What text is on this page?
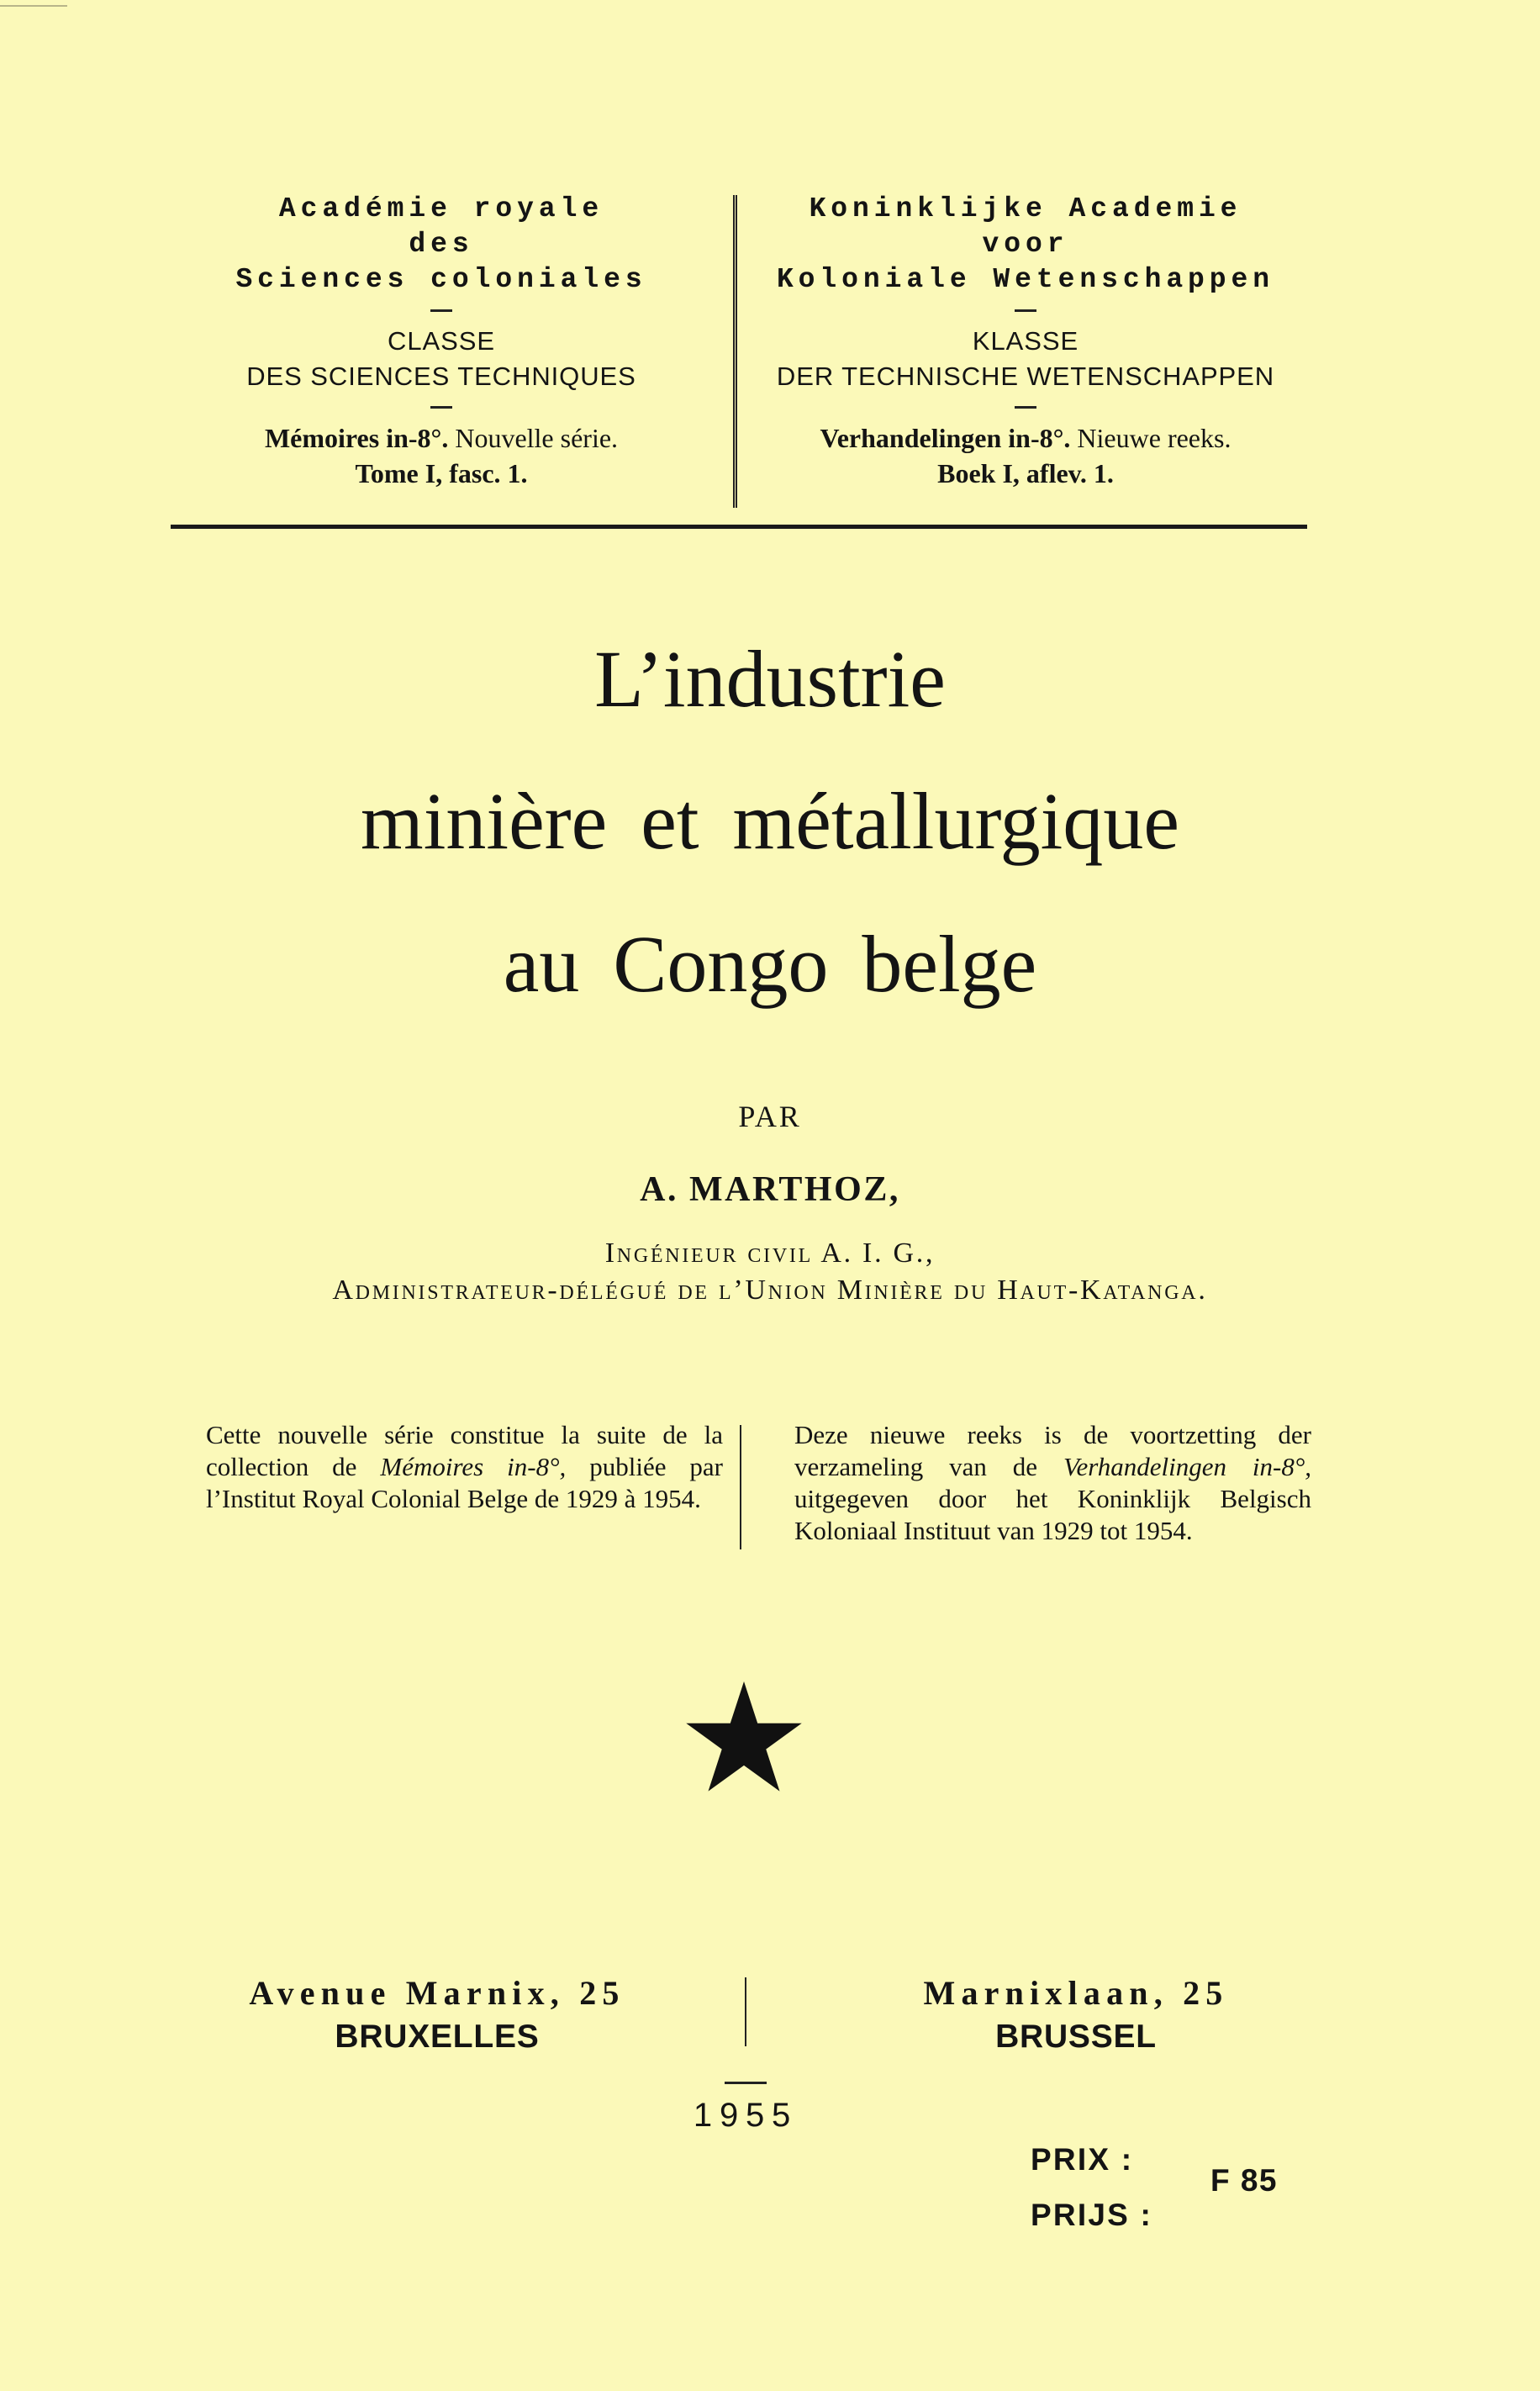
Académie royale
des
Sciences coloniales
CLASSE
DES SCIENCES TECHNIQUES
Mémoires in-8°. Nouvelle série.
Tome I, fasc. 1.
Koninklijke Academie
voor
Koloniale Wetenschappen
KLASSE
DER TECHNISCHE WETENSCHAPPEN
Verhandelingen in-8°. Nieuwe reeks.
Boek I, aflev. 1.
L’industrie
minière et métallurgique
au Congo belge
PAR
A. MARTHOZ,
Ingénieur civil A. I. G.,
Administrateur-délégué de l’Union Minière du Haut-Katanga.
Cette nouvelle série constitue la suite de la collection de Mémoires in-8°, publiée par l’Institut Royal Colonial Belge de 1929 à 1954.
Deze nieuwe reeks is de voortzetting der verzameling van de Verhandelingen in-8°, uitgegeven door het Koninklijk Belgisch Koloniaal Instituut van 1929 tot 1954.
Avenue Marnix, 25
BRUXELLES
Marnixlaan, 25
BRUSSEL
1955
PRIX :
PRIJS :
F 85
